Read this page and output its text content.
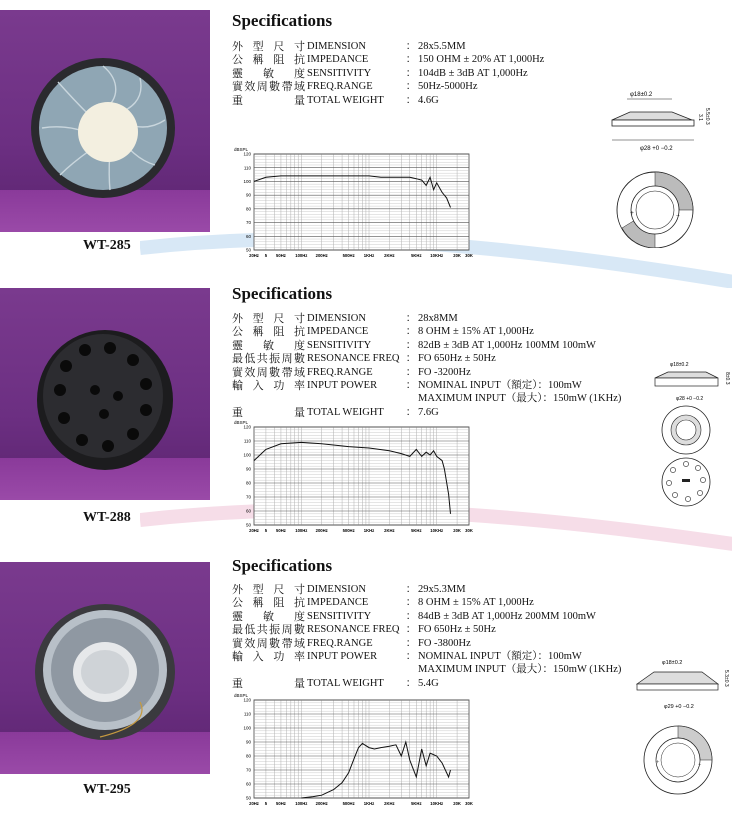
WT-285
Specifications
外 型 尺 寸 DIMENSION	： 28x5.5MM
公 稱 阻 抗 IMPEDANCE	： 150 OHM ± 20% AT 1,000Hz
靈 敏 度 SENSITIVITY	： 104dB ± 3dB AT 1,000Hz
實 效 周 數 帶 域 FREQ.RANGE	： 50Hz-5000Hz
重	量 TOTAL WEIGHT	： 4.6G
dBSPL
120
110
100
90
80
70
60
50
20Hz 5 50Hz 100Hz 200Hz	500Hz 1KHz 2KHz	5KHz 10KHz 20K 30K
φ18±0.2
5.5±0.3
3.1
φ28 +0 −0.2
+	−
WT-288
Specifications
外 型 尺 寸 DIMENSION	： 28x8MM
公 稱 阻 抗 IMPEDANCE	： 8 OHM ± 15% AT 1,000Hz
靈 敏 度 SENSITIVITY	： 82dB ± 3dB AT 1,000Hz 100MM 100mW
最 低 共 振 周 數 RESONANCE FREQ ： FO 650Hz ± 50Hz
實 效 周 數 帶 域 FREQ.RANGE	： FO -3200Hz
輸 入 功 率 INPUT POWER	： NOMINAL INPUT（額定）：100mW
MAXIMUM INPUT（最大）：150mW (1KHz)
重	量 TOTAL WEIGHT	： 7.6G
dBSPL
120
110
100
90
80
70
60
50
20Hz 5 50Hz 100Hz 200Hz	500Hz 1KHz 2KHz	5KHz 10KHz 20K 30K
φ18±0.2
8±0.3
φ28 +0 −0.2
WT-295
Specifications
外 型 尺 寸 DIMENSION	： 29x5.3MM
公 稱 阻 抗 IMPEDANCE	： 8 OHM ± 15% AT 1,000Hz
靈 敏 度 SENSITIVITY	： 84dB ± 3dB AT 1,000Hz 200MM 100mW
最 低 共 振 周 數 RESONANCE FREQ ： FO 650Hz ± 50Hz
實 效 周 數 帶 域 FREQ.RANGE	： FO -3800Hz
輸 入 功 率 INPUT POWER	： NOMINAL INPUT（額定）：100mW
MAXIMUM INPUT（最大）：150mW (1KHz)
重	量 TOTAL WEIGHT	： 5.4G
dBSPL
120
110
100
90
80
70
60
50
20Hz 5 50Hz 100Hz 200Hz	500Hz 1KHz 2KHz	5KHz 10KHz 20K 30K
φ18±0.2
5.3±0.3
φ29 +0 −0.2
+	−
